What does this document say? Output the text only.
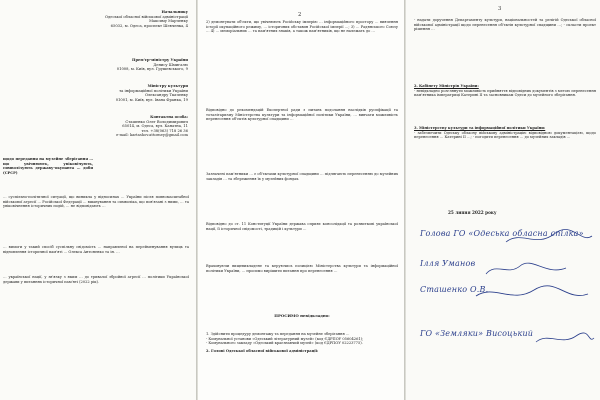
Начальнику
Одеської обласної військової адміністрації
Максиму Марченку
65032, м. Одеса, проспект Шевченка, 4
Прем'єр-міністру України
Денису Шмигалю
01008, м. Київ, вул. Грушевського, 9
Міністру культури
та інформаційної політики України
Олександру Ткаченку
01001, м. Київ, вул. Івана Франка, 19
Контактна особа:
Сташенко Олег Володимирович
65014, м. Одеса, вул. Канатна, 11
тел. +38(063) 718 26 36
e-mail: kartashov.attorney@gmail.com
щодо передання на музейне зберігання … що увічнюють, увіковічують, символізують державу-окупанта … доби (СРСР)
… суспільно-політичної ситуації, що виникла у відносинах … України після повномасштабної військової агресії … Російської Федерації … вшанування та символіка, що пов'язані з ними, … та увіковічнення історичних подій, … не відповідають …
… вимоги у такий спосіб суспільну свідомість … направленої на перейменування вулиць та відновлення історичної пам'яті … Олекса Антоненко та ін. …
… української нації, у зв'язку з яким … до тривалої збройної агресії … політики Української держави у питаннях історичної пам'яті (2022 рік).
2
2) демонтувати об'єкти, що увічнюють Російську імперію … інформаційного простору … вивчення історії окупаційного режиму, … історичних обставин Російської імперії …; 3) … Радянського Союзу … 4) … меморіальних … та пам'ятних знаків, а також пам'ятників, що не належать до …
Відповідно до рекомендацій Експертної ради з питань подолання наслідків русифікації та тоталітаризму Міністерства культури та інформаційної політики України, … вивчати можливість перенесення об'єктів культурної спадщини …
Зазначені пам'ятники … є об'єктами культурної спадщини … підлягають перенесенню до музейних закладів … та збереження їх у музейних фондах.
Відповідно до ст. 11 Конституції України держава сприяє консолідації та розвиткові української нації, її історичної свідомості, традицій і культури …
Враховуючи вищевикладене та керуючись позицією Міністерства культури та інформаційної політики України, … просимо вирішити питання про перенесення …
ПРОСИМО невідкладно:
1. Здійснити процедуру демонтажу та передання на музейне зберігання …
- Комунальної установи «Одеський літературний музей» (код ЄДРПОУ 05604261);
- Комунального закладу «Одеський краєзнавчий музей» (код ЄДРПОУ 02223775).
2. Голові Одеської обласної військової адміністрації:
3
- надати доручення Департаменту культури, національностей та релігій Одеської обласної військової адміністрації щодо перенесення об'єктів культурної спадщини …; - скласти проект рішення …
2. Кабінету Міністрів України:
- невідкладно розглянути можливість прийняття відповідних документів з метою перенесення пам'ятника імператриці Катерині II та засновникам Одеси до музейного зберігання.
3. Міністерству культури та інформаційної політики України:
- забезпечити Одеську обласну військову адміністрацію відповідною документацією, щодо перенесення … Катерині II …; - погодити перенесення … до музейних закладів …
25 липня 2022 року
Голова ГО «Одеська обласна спілка»
Ілля Уманов
Сташенко О.В.
ГО «Земляки» Висоцький
